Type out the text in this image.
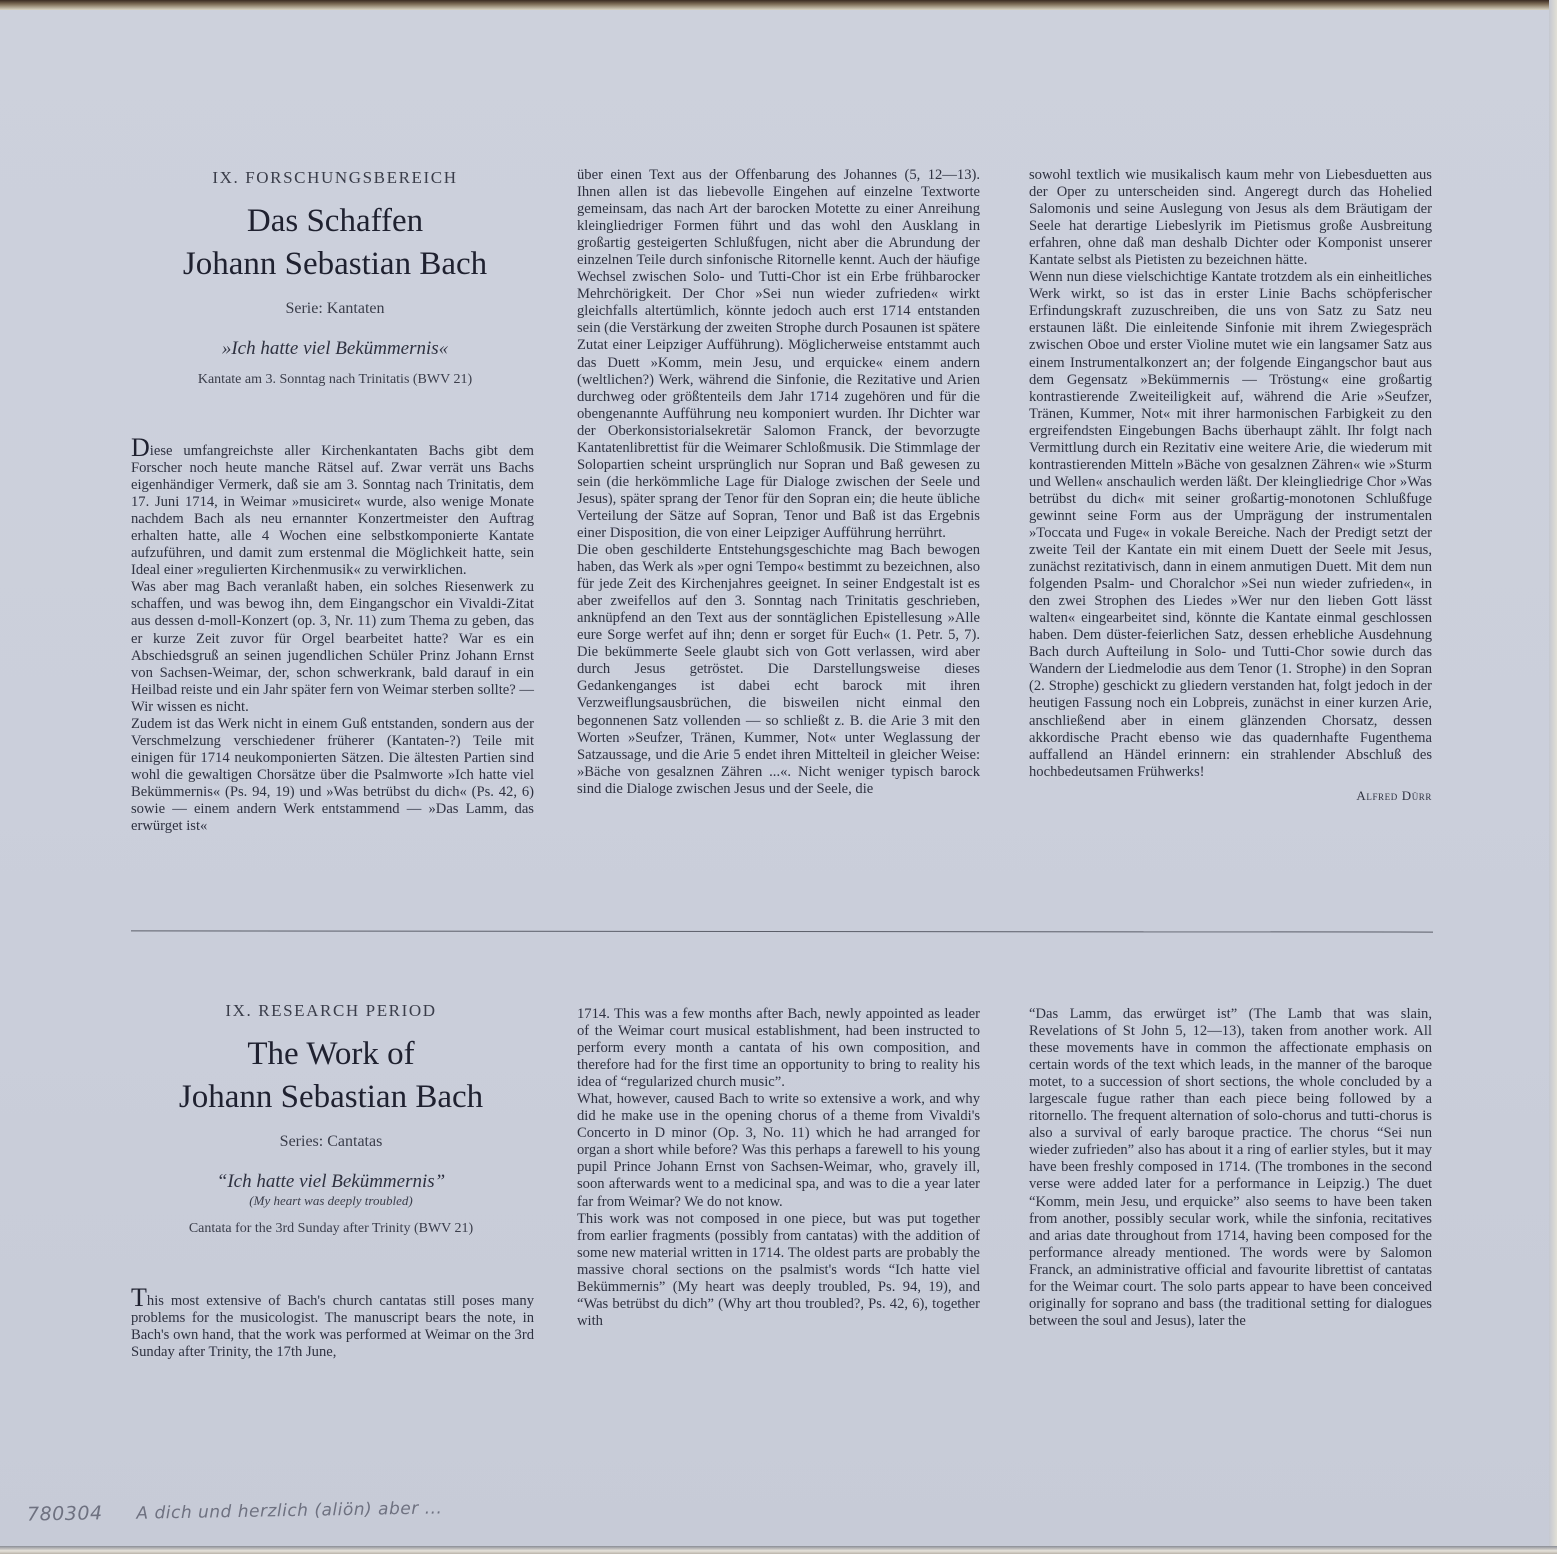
IX. FORSCHUNGSBEREICH
Das Schaffen
Johann Sebastian Bach
Serie: Kantaten
»Ich hatte viel Bekümmernis«
Kantate am 3. Sonntag nach Trinitatis (BWV 21)

Diese umfangreichste aller Kirchenkantaten Bachs gibt dem Forscher noch heute manche Rätsel auf. Zwar verrät uns Bachs eigenhändiger Vermerk, daß sie am 3. Sonntag nach Trinitatis, dem 17. Juni 1714, in Weimar »musiciret« wurde, also wenige Monate nachdem Bach als neu ernannter Konzertmeister den Auftrag erhalten hatte, alle 4 Wochen eine selbstkomponierte Kantate aufzuführen, und damit zum erstenmal die Möglichkeit hatte, sein Ideal einer »regulierten Kirchenmusik« zu verwirklichen.

Was aber mag Bach veranlaßt haben, ein solches Riesenwerk zu schaffen, und was bewog ihn, dem Eingangschor ein Vivaldi-Zitat aus dessen d-moll-Konzert (op. 3, Nr. 11) zum Thema zu geben, das er kurze Zeit zuvor für Orgel bearbeitet hatte? War es ein Abschiedsgruß an seinen jugendlichen Schüler Prinz Johann Ernst von Sachsen-Weimar, der, schon schwerkrank, bald darauf in ein Heilbad reiste und ein Jahr später fern von Weimar sterben sollte? — Wir wissen es nicht.

Zudem ist das Werk nicht in einem Guß entstanden, sondern aus der Verschmelzung verschiedener früherer (Kantaten-?) Teile mit einigen für 1714 neukomponierten Sätzen. Die ältesten Partien sind wohl die gewaltigen Chorsätze über die Psalmworte »Ich hatte viel Bekümmernis« (Ps. 94, 19) und »Was betrübst du dich« (Ps. 42, 6) sowie — einem andern Werk entstammend — »Das Lamm, das erwürget ist«

über einen Text aus der Offenbarung des Johannes (5, 12—13). Ihnen allen ist das liebevolle Eingehen auf einzelne Textworte gemeinsam, das nach Art der barocken Motette zu einer Anreihung kleingliedriger Formen führt und das wohl den Ausklang in großartig gesteigerten Schlußfugen, nicht aber die Abrundung der einzelnen Teile durch sinfonische Ritornelle kennt. Auch der häufige Wechsel zwischen Solo- und Tutti-Chor ist ein Erbe frühbarocker Mehrchörigkeit. Der Chor »Sei nun wieder zufrieden« wirkt gleichfalls altertümlich, könnte jedoch auch erst 1714 entstanden sein (die Verstärkung der zweiten Strophe durch Posaunen ist spätere Zutat einer Leipziger Aufführung). Möglicherweise entstammt auch das Duett »Komm, mein Jesu, und erquicke« einem andern (weltlichen?) Werk, während die Sinfonie, die Rezitative und Arien durchweg oder größtenteils dem Jahr 1714 zugehören und für die obengenannte Aufführung neu komponiert wurden. Ihr Dichter war der Oberkonsistorialsekretär Salomon Franck, der bevorzugte Kantatenlibrettist für die Weimarer Schloßmusik. Die Stimmlage der Solopartien scheint ursprünglich nur Sopran und Baß gewesen zu sein (die herkömmliche Lage für Dialoge zwischen der Seele und Jesus), später sprang der Tenor für den Sopran ein; die heute übliche Verteilung der Sätze auf Sopran, Tenor und Baß ist das Ergebnis einer Disposition, die von einer Leipziger Aufführung herrührt.

Die oben geschilderte Entstehungsgeschichte mag Bach bewogen haben, das Werk als »per ogni Tempo« bestimmt zu bezeichnen, also für jede Zeit des Kirchenjahres geeignet. In seiner Endgestalt ist es aber zweifellos auf den 3. Sonntag nach Trinitatis geschrieben, anknüpfend an den Text aus der sonntäglichen Epistellesung »Alle eure Sorge werfet auf ihn; denn er sorget für Euch« (1. Petr. 5, 7). Die bekümmerte Seele glaubt sich von Gott verlassen, wird aber durch Jesus getröstet. Die Darstellungsweise dieses Gedankenganges ist dabei echt barock mit ihren Verzweiflungsausbrüchen, die bisweilen nicht einmal den begonnenen Satz vollenden — so schließt z. B. die Arie 3 mit den Worten »Seufzer, Tränen, Kummer, Not« unter Weglassung der Satzaussage, und die Arie 5 endet ihren Mittelteil in gleicher Weise: »Bäche von gesalznen Zähren ...«. Nicht weniger typisch barock sind die Dialoge zwischen Jesus und der Seele, die

sowohl textlich wie musikalisch kaum mehr von Liebesduetten aus der Oper zu unterscheiden sind. Angeregt durch das Hohelied Salomonis und seine Auslegung von Jesus als dem Bräutigam der Seele hat derartige Liebeslyrik im Pietismus große Ausbreitung erfahren, ohne daß man deshalb Dichter oder Komponist unserer Kantate selbst als Pietisten zu bezeichnen hätte.

Wenn nun diese vielschichtige Kantate trotzdem als ein einheitliches Werk wirkt, so ist das in erster Linie Bachs schöpferischer Erfindungskraft zuzuschreiben, die uns von Satz zu Satz neu erstaunen läßt. Die einleitende Sinfonie mit ihrem Zwiegespräch zwischen Oboe und erster Violine mutet wie ein langsamer Satz aus einem Instrumentalkonzert an; der folgende Eingangschor baut aus dem Gegensatz »Bekümmernis — Tröstung« eine großartig kontrastierende Zweiteiligkeit auf, während die Arie »Seufzer, Tränen, Kummer, Not« mit ihrer harmonischen Farbigkeit zu den ergreifendsten Eingebungen Bachs überhaupt zählt. Ihr folgt nach Vermittlung durch ein Rezitativ eine weitere Arie, die wiederum mit kontrastierenden Mitteln »Bäche von gesalznen Zähren« wie »Sturm und Wellen« anschaulich werden läßt. Der kleingliedrige Chor »Was betrübst du dich« mit seiner großartig-monotonen Schlußfuge gewinnt seine Form aus der Umprägung der instrumentalen »Toccata und Fuge« in vokale Bereiche. Nach der Predigt setzt der zweite Teil der Kantate ein mit einem Duett der Seele mit Jesus, zunächst rezitativisch, dann in einem anmutigen Duett. Mit dem nun folgenden Psalm- und Choralchor »Sei nun wieder zufrieden«, in den zwei Strophen des Liedes »Wer nur den lieben Gott lässt walten« eingearbeitet sind, könnte die Kantate einmal geschlossen haben. Dem düster-feierlichen Satz, dessen erhebliche Ausdehnung Bach durch Aufteilung in Solo- und Tutti-Chor sowie durch das Wandern der Liedmelodie aus dem Tenor (1. Strophe) in den Sopran (2. Strophe) geschickt zu gliedern verstanden hat, folgt jedoch in der heutigen Fassung noch ein Lobpreis, zunächst in einer kurzen Arie, anschließend aber in einem glänzenden Chorsatz, dessen akkordische Pracht ebenso wie das quadernhafte Fugenthema auffallend an Händel erinnern: ein strahlender Abschluß des hochbedeutsamen Frühwerks!

Alfred Dürr
IX. RESEARCH PERIOD
The Work of
Johann Sebastian Bach
Series: Cantatas
“Ich hatte viel Bekümmernis”
(My heart was deeply troubled)
Cantata for the 3rd Sunday after Trinity (BWV 21)

This most extensive of Bach's church cantatas still poses many problems for the musicologist. The manuscript bears the note, in Bach's own hand, that the work was performed at Weimar on the 3rd Sunday after Trinity, the 17th June,

1714. This was a few months after Bach, newly appointed as leader of the Weimar court musical establishment, had been instructed to perform every month a cantata of his own composition, and therefore had for the first time an opportunity to bring to reality his idea of “regularized church music”.

What, however, caused Bach to write so extensive a work, and why did he make use in the opening chorus of a theme from Vivaldi's Concerto in D minor (Op. 3, No. 11) which he had arranged for organ a short while before? Was this perhaps a farewell to his young pupil Prince Johann Ernst von Sachsen-Weimar, who, gravely ill, soon afterwards went to a medicinal spa, and was to die a year later far from Weimar? We do not know.

This work was not composed in one piece, but was put together from earlier fragments (possibly from cantatas) with the addition of some new material written in 1714. The oldest parts are probably the massive choral sections on the psalmist's words “Ich hatte viel Bekümmernis” (My heart was deeply troubled, Ps. 94, 19), and “Was betrübst du dich” (Why art thou troubled?, Ps. 42, 6), together with

“Das Lamm, das erwürget ist” (The Lamb that was slain, Revelations of St John 5, 12—13), taken from another work. All these movements have in common the affectionate emphasis on certain words of the text which leads, in the manner of the baroque motet, to a succession of short sections, the whole concluded by a largescale fugue rather than each piece being followed by a ritornello. The frequent alternation of solo-chorus and tutti-chorus is also a survival of early baroque practice. The chorus “Sei nun wieder zufrieden” also has about it a ring of earlier styles, but it may have been freshly composed in 1714. (The trombones in the second verse were added later for a performance in Leipzig.) The duet “Komm, mein Jesu, und erquicke” also seems to have been taken from another, possibly secular work, while the sinfonia, recitatives and arias date throughout from 1714, having been composed for the performance already mentioned. The words were by Salomon Franck, an administrative official and favourite librettist of cantatas for the Weimar court. The solo parts appear to have been conceived originally for soprano and bass (the traditional setting for dialogues between the soul and Jesus), later the

780304 A dich und herzlich (aliön) aber ...
